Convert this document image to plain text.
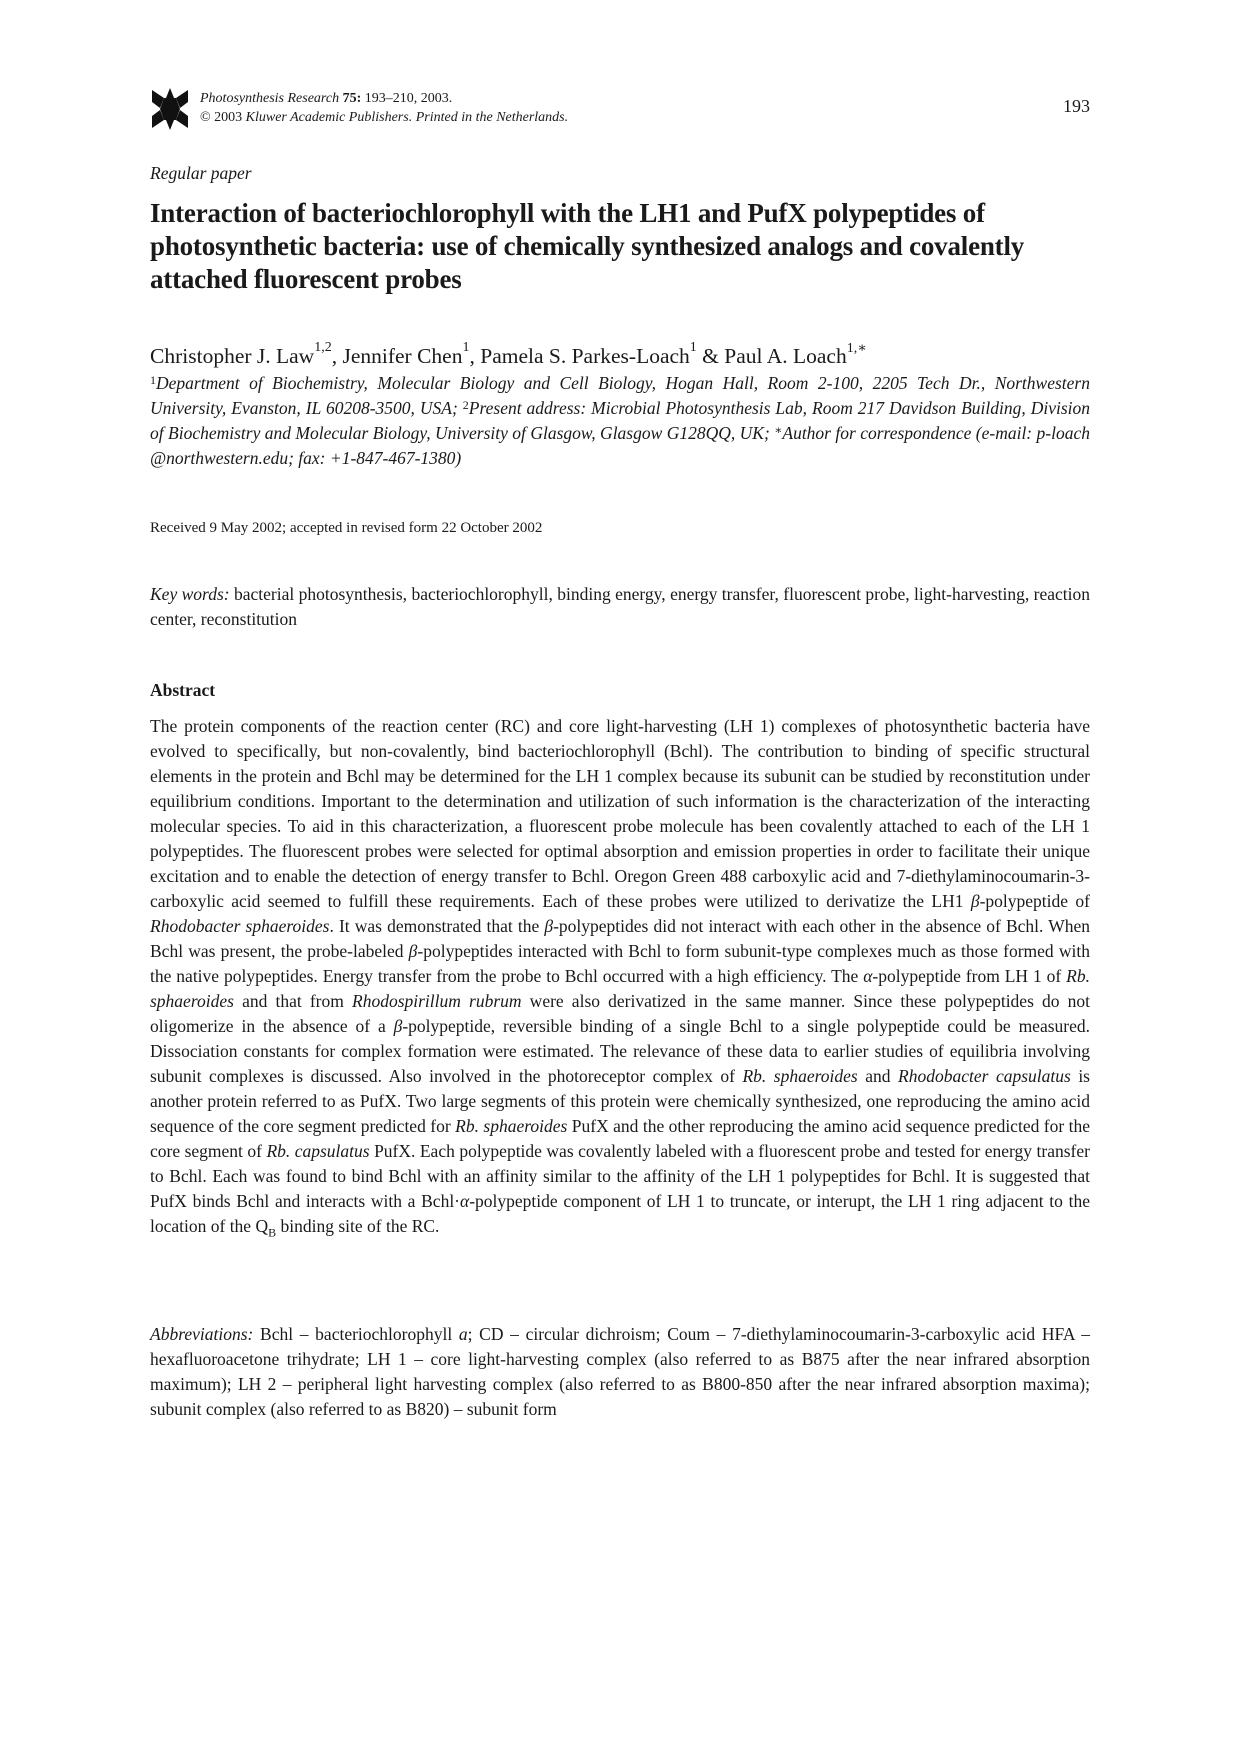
Photosynthesis Research 75: 193–210, 2003.
© 2003 Kluwer Academic Publishers. Printed in the Netherlands.
193
Regular paper
Interaction of bacteriochlorophyll with the LH1 and PufX polypeptides of photosynthetic bacteria: use of chemically synthesized analogs and covalently attached fluorescent probes
Christopher J. Law$^{1,2}$, Jennifer Chen$^1$, Pamela S. Parkes-Loach$^1$ & Paul A. Loach$^{1,∗}$
$^1$Department of Biochemistry, Molecular Biology and Cell Biology, Hogan Hall, Room 2-100, 2205 Tech Dr., Northwestern University, Evanston, IL 60208-3500, USA; $^2$Present address: Microbial Photosynthesis Lab, Room 217 Davidson Building, Division of Biochemistry and Molecular Biology, University of Glasgow, Glasgow G128QQ, UK; ∗Author for correspondence (e-mail: p-loach @northwestern.edu; fax: +1-847-467-1380)
Received 9 May 2002; accepted in revised form 22 October 2002
Key words: bacterial photosynthesis, bacteriochlorophyll, binding energy, energy transfer, fluorescent probe, light-harvesting, reaction center, reconstitution
Abstract
The protein components of the reaction center (RC) and core light-harvesting (LH 1) complexes of photosynthetic bacteria have evolved to specifically, but non-covalently, bind bacteriochlorophyll (Bchl). The contribution to binding of specific structural elements in the protein and Bchl may be determined for the LH 1 complex because its subunit can be studied by reconstitution under equilibrium conditions. Important to the determination and utilization of such information is the characterization of the interacting molecular species. To aid in this characterization, a fluorescent probe molecule has been covalently attached to each of the LH 1 polypeptides. The fluorescent probes were selected for optimal absorption and emission properties in order to facilitate their unique excitation and to enable the detection of energy transfer to Bchl. Oregon Green 488 carboxylic acid and 7-diethylaminocoumarin-3-carboxylic acid seemed to fulfill these requirements. Each of these probes were utilized to derivatize the LH1 β-polypeptide of Rhodobacter sphaeroides. It was demonstrated that the β-polypeptides did not interact with each other in the absence of Bchl. When Bchl was present, the probe-labeled β-polypeptides interacted with Bchl to form subunit-type complexes much as those formed with the native polypeptides. Energy transfer from the probe to Bchl occurred with a high efficiency. The α-polypeptide from LH 1 of Rb. sphaeroides and that from Rhodospirillum rubrum were also derivatized in the same manner. Since these polypeptides do not oligomerize in the absence of a β-polypeptide, reversible binding of a single Bchl to a single polypeptide could be measured. Dissociation constants for complex formation were estimated. The relevance of these data to earlier studies of equilibria involving subunit complexes is discussed. Also involved in the photoreceptor complex of Rb. sphaeroides and Rhodobacter capsulatus is another protein referred to as PufX. Two large segments of this protein were chemically synthesized, one reproducing the amino acid sequence of the core segment predicted for Rb. sphaeroides PufX and the other reproducing the amino acid sequence predicted for the core segment of Rb. capsulatus PufX. Each polypeptide was covalently labeled with a fluorescent probe and tested for energy transfer to Bchl. Each was found to bind Bchl with an affinity similar to the affinity of the LH 1 polypeptides for Bchl. It is suggested that PufX binds Bchl and interacts with a Bchl·α-polypeptide component of LH 1 to truncate, or interupt, the LH 1 ring adjacent to the location of the $Q_B$ binding site of the RC.
Abbreviations: Bchl – bacteriochlorophyll a; CD – circular dichroism; Coum – 7-diethylaminocoumarin-3-carboxylic acid HFA – hexafluoroacetone trihydrate; LH 1 – core light-harvesting complex (also referred to as B875 after the near infrared absorption maximum); LH 2 – peripheral light harvesting complex (also referred to as B800-850 after the near infrared absorption maxima); subunit complex (also referred to as B820) – subunit form
